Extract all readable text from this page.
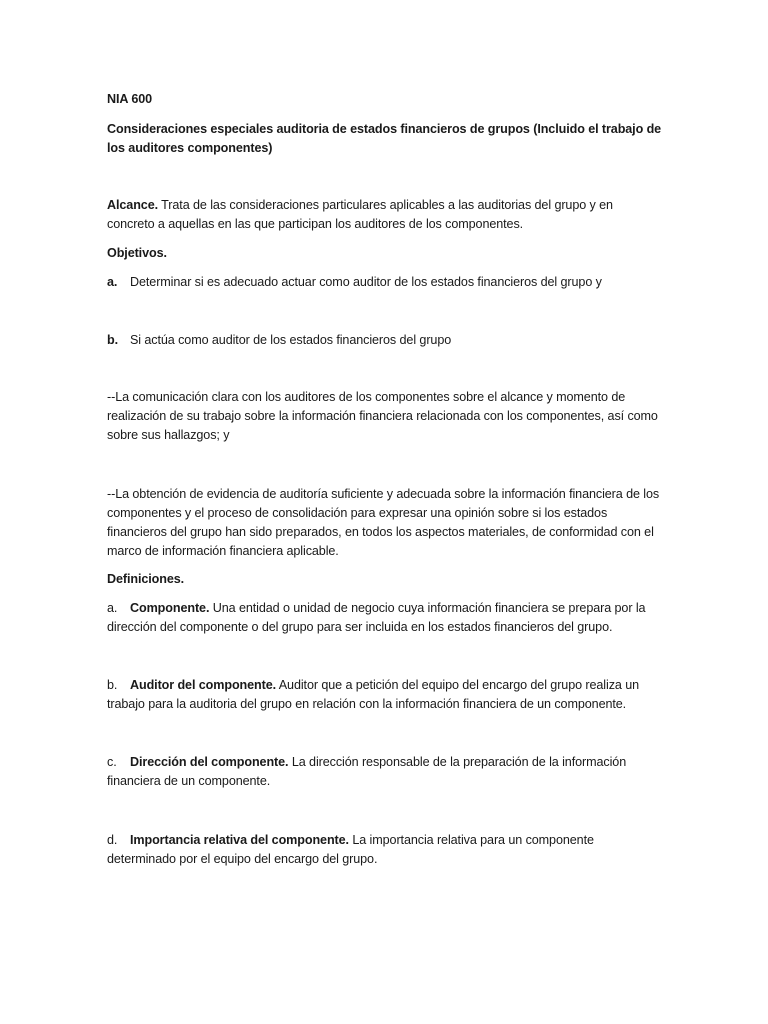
NIA 600

Consideraciones especiales auditoria de estados financieros de grupos (Incluido el trabajo de los auditores componentes)

Alcance. Trata de las consideraciones particulares aplicables a las auditorias del grupo y en concreto a aquellas en las que participan los auditores de los componentes.

Objetivos.

a. Determinar si es adecuado actuar como auditor de los estados financieros del grupo y

b. Si actúa como auditor de los estados financieros del grupo

--La comunicación clara con los auditores de los componentes sobre el alcance y momento de realización de su trabajo sobre la información financiera relacionada con los componentes, así como sobre sus hallazgos; y

--La obtención de evidencia de auditoría suficiente y adecuada sobre la información financiera de los componentes y el proceso de consolidación para expresar una opinión sobre si los estados financieros del grupo han sido preparados, en todos los aspectos materiales, de conformidad con el marco de información financiera aplicable.

Definiciones.

a. Componente. Una entidad o unidad de negocio cuya información financiera se prepara por la dirección del componente o del grupo para ser incluida en los estados financieros del grupo.

b. Auditor del componente. Auditor que a petición del equipo del encargo del grupo realiza un trabajo para la auditoria del grupo en relación con la información financiera de un componente.

c. Dirección del componente. La dirección responsable de la preparación de la información financiera de un componente.

d. Importancia relativa del componente. La importancia relativa para un componente determinado por el equipo del encargo del grupo.
